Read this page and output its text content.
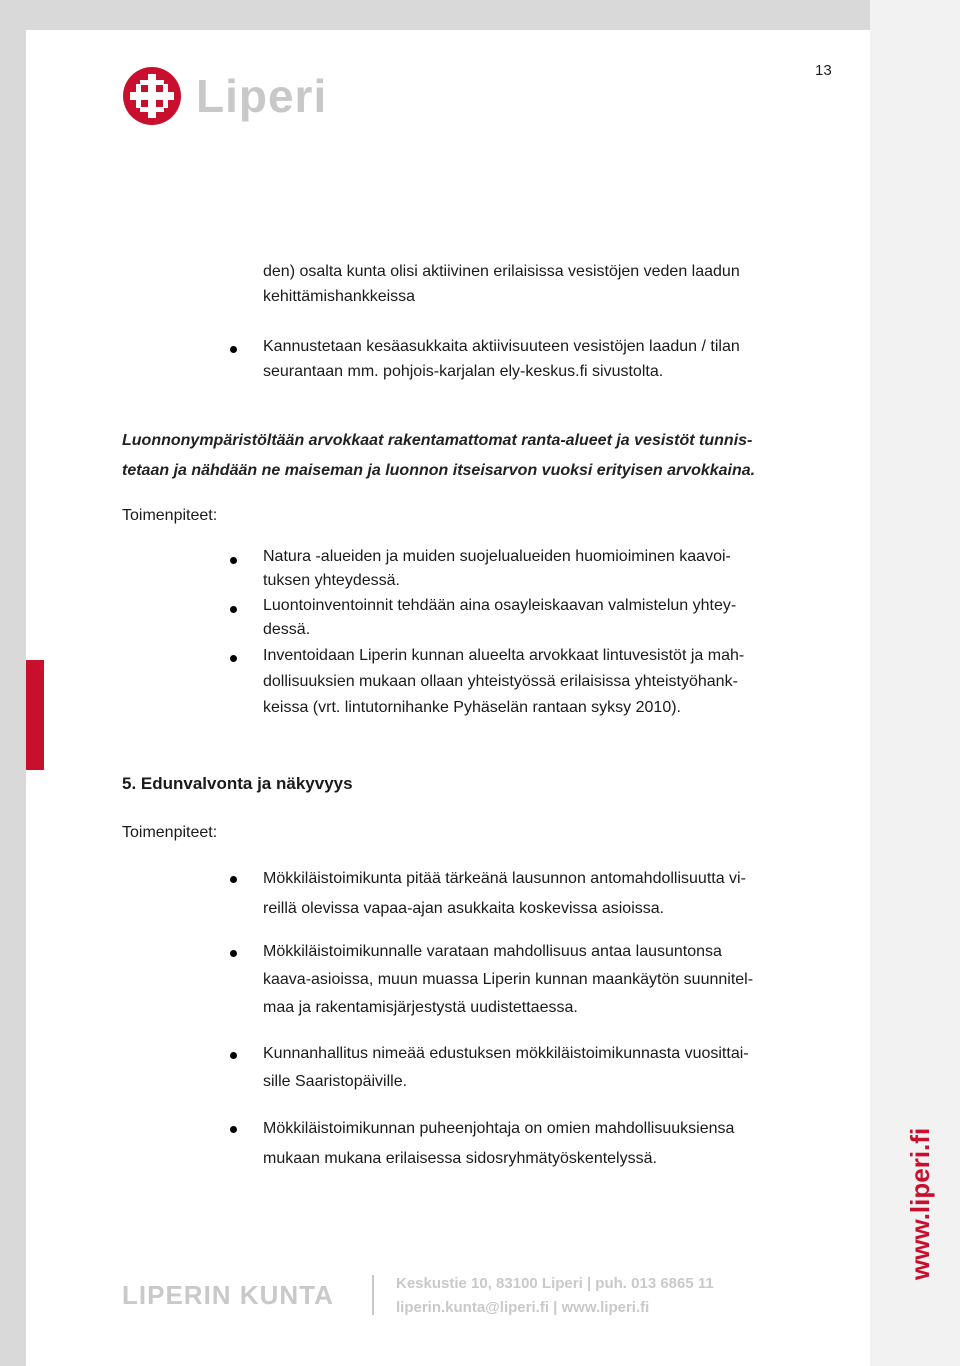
13
Liperi
den) osalta kunta olisi aktiivinen erilaisissa vesistöjen veden laadun
kehittämishankkeissa
Kannustetaan kesäasukkaita aktiivisuuteen vesistöjen laadun / tilan
seurantaan mm. pohjois-karjalan ely-keskus.fi sivustolta.
Luonnonympäristöltään arvokkaat rakentamattomat ranta-alueet ja vesistöt tunnis-
tetaan ja nähdään ne maiseman ja luonnon itseisarvon vuoksi erityisen arvokkaina.
Toimenpiteet:
Natura -alueiden ja muiden suojelualueiden huomioiminen kaavoi-
tuksen yhteydessä.
Luontoinventoinnit tehdään aina osayleiskaavan valmistelun yhtey-
dessä.
Inventoidaan Liperin kunnan alueelta arvokkaat lintuvesistöt ja mah-
dollisuuksien mukaan ollaan yhteistyössä erilaisissa yhteistyöhank-
keissa (vrt. lintutornihanke Pyhäselän rantaan syksy 2010).
5. Edunvalvonta ja näkyvyys
Toimenpiteet:
Mökkiläistoimikunta pitää tärkeänä lausunnon antomahdollisuutta vi-
reillä olevissa vapaa-ajan asukkaita koskevissa asioissa.
Mökkiläistoimikunnalle varataan mahdollisuus antaa lausuntonsa
kaava-asioissa, muun muassa Liperin kunnan maankäytön suunnitel-
maa ja rakentamisjärjestystä uudistettaessa.
Kunnanhallitus nimeää edustuksen mökkiläistoimikunnasta vuosittai-
sille Saaristopäiville.
Mökkiläistoimikunnan puheenjohtaja on omien mahdollisuuksiensa
mukaan mukana erilaisessa sidosryhmätyöskentelyssä.
LIPERIN KUNTA	Keskustie 10, 83100 Liperi | puh. 013 6865 11
liperin.kunta@liperi.fi | www.liperi.fi
www.liperi.fi
